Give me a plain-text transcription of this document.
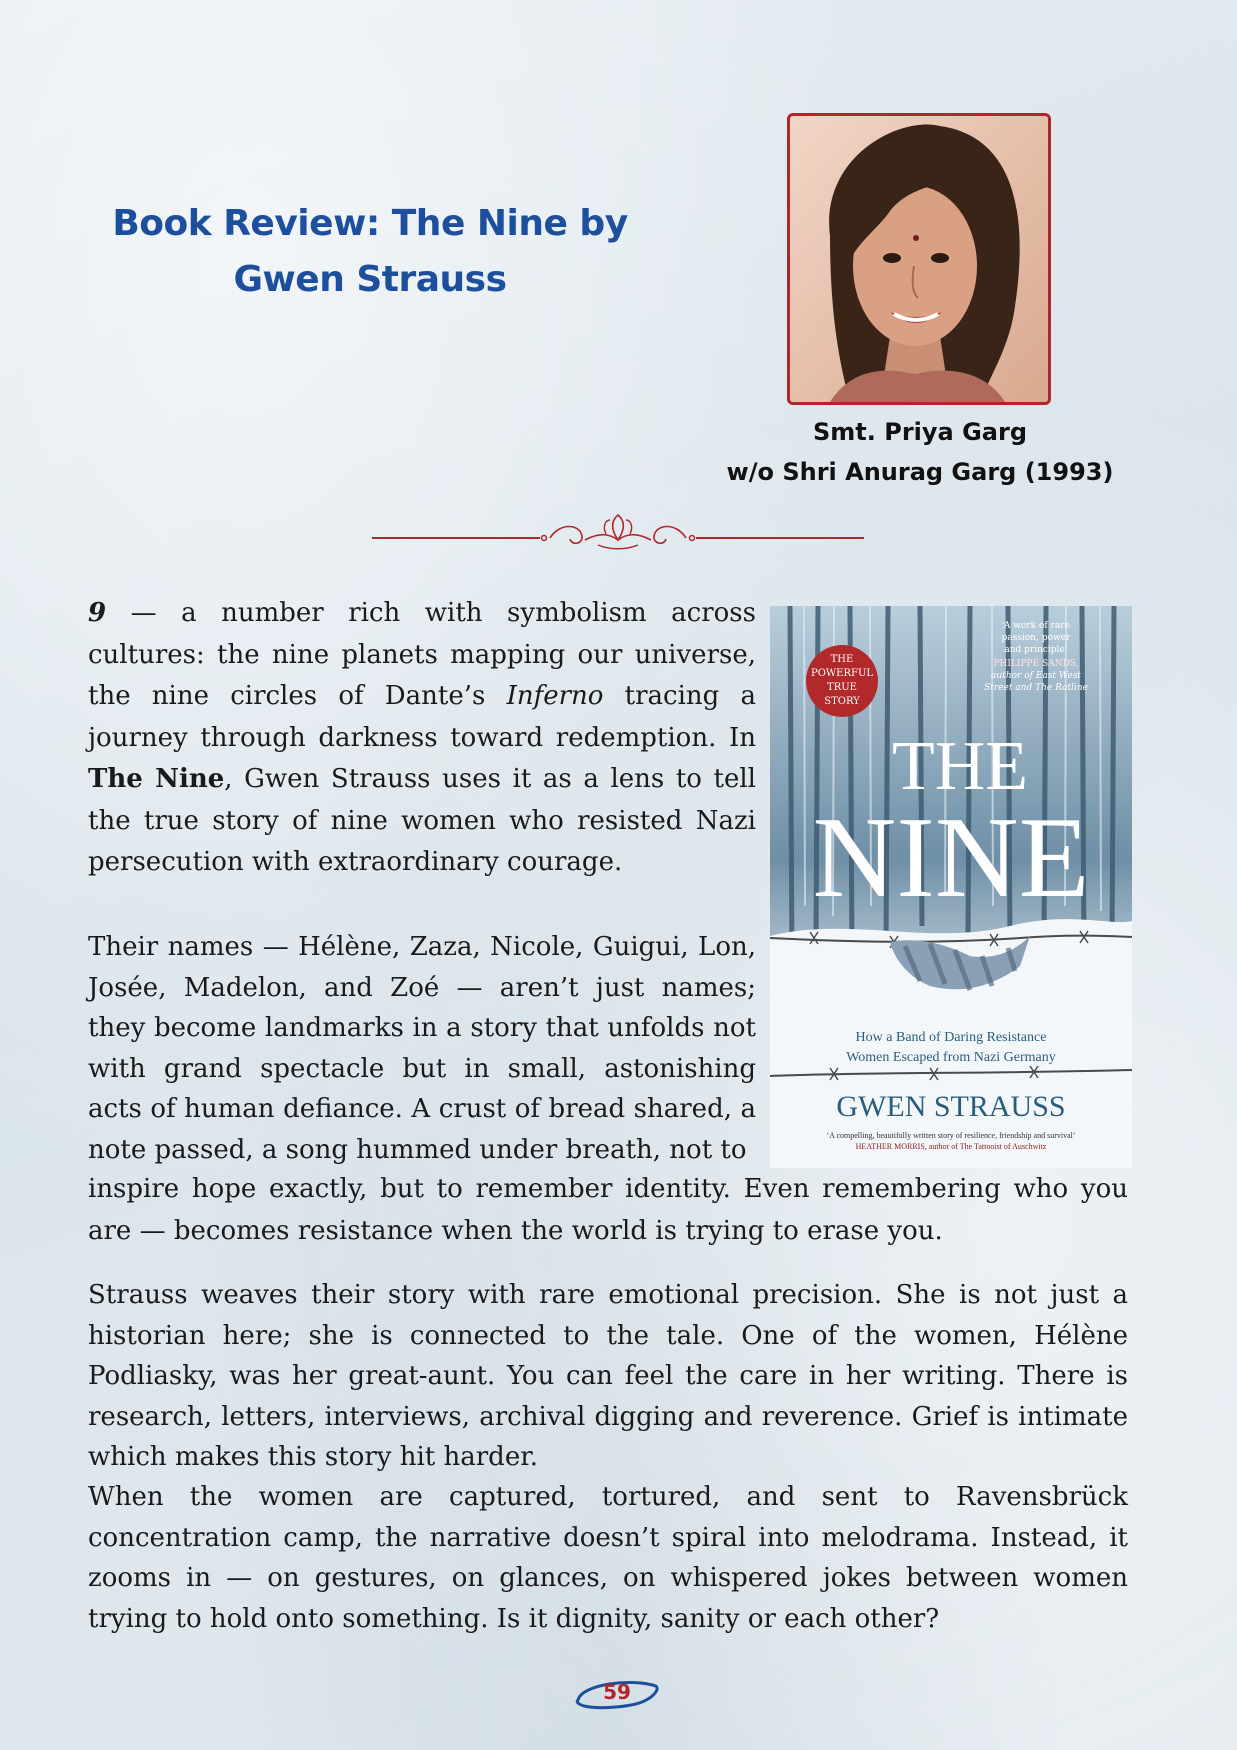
Book Review: The Nine by
Gwen Strauss
Smt. Priya Garg
w/o Shri Anurag Garg (1993)

9 — a number rich with symbolism across cultures: the nine planets mapping our universe, the nine circles of Dante’s Inferno tracing a journey through darkness toward redemption. In The Nine, Gwen Strauss uses it as a lens to tell the true story of nine women who resisted Nazi persecution with extraordinary courage.

Their names — Hélène, Zaza, Nicole, Guigui, Lon, Josée, Madelon, and Zoé — aren’t just names; they become landmarks in a story that unfolds not with grand spectacle but in small, astonishing acts of human defiance. A crust of bread shared, a note passed, a song hummed under breath, not to

inspire hope exactly, but to remember identity. Even remembering who you are — becomes resistance when the world is trying to erase you.

Strauss weaves their story with rare emotional precision. She is not just a historian here; she is connected to the tale. One of the women, Hélène Podliasky, was her great-aunt. You can feel the care in her writing. There is research, letters, interviews, archival digging and reverence. Grief is intimate which makes this story hit harder.

When the women are captured, tortured, and sent to Ravensbrück concentration camp, the narrative doesn’t spiral into melodrama. Instead, it zooms in — on gestures, on glances, on whispered jokes between women trying to hold onto something. Is it dignity, sanity or each other?

THE
POWERFUL
TRUE
STORY
‘A work of rare
passion, power
and principle’
PHILIPPE SANDS,
author of East West
Street and The Ratline
THE
NINE
How a Band of Daring Resistance
Women Escaped from Nazi Germany
GWEN STRAUSS
‘A compelling, beautifully written story of resilience, friendship and survival’
HEATHER MORRIS, author of The Tattooist of Auschwitz
59
